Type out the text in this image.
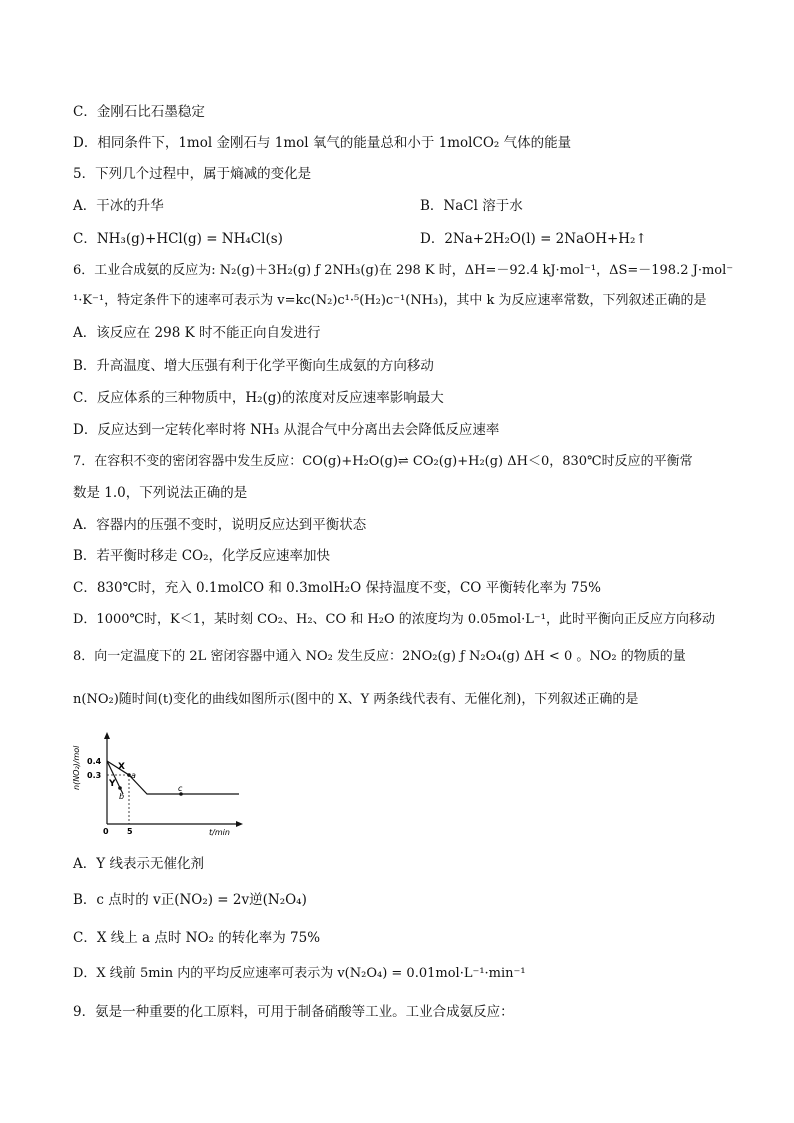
C．金刚石比石墨稳定
D．相同条件下，1mol 金刚石与 1mol 氧气的能量总和小于 1molCO₂ 气体的能量
5．下列几个过程中，属于熵减的变化是
A．干冰的升华	B．NaCl 溶于水
C．NH₃(g)+HCl(g) = NH₄Cl(s)	D．2Na+2H₂O(l) = 2NaOH+H₂↑
6．工业合成氨的反应为: N₂(g)＋3H₂(g) ƒ 2NH₃(g)在 298 K 时，ΔH=－92.4 kJ·mol⁻¹，ΔS=－198.2 J·mol⁻
¹·K⁻¹，特定条件下的速率可表示为 v=kc(N₂)c¹·⁵(H₂)c⁻¹(NH₃)，其中 k 为反应速率常数，下列叙述正确的是
A．该反应在 298 K 时不能正向自发进行
B．升高温度、增大压强有利于化学平衡向生成氨的方向移动
C．反应体系的三种物质中，H₂(g)的浓度对反应速率影响最大
D．反应达到一定转化率时将 NH₃ 从混合气中分离出去会降低反应速率
7．在容积不变的密闭容器中发生反应：CO(g)+H₂O(g)⇌ CO₂(g)+H₂(g) ΔH＜0，830℃时反应的平衡常
数是 1.0，下列说法正确的是
A．容器内的压强不变时，说明反应达到平衡状态
B．若平衡时移走 CO₂，化学反应速率加快
C．830℃时，充入 0.1molCO 和 0.3molH₂O 保持温度不变，CO 平衡转化率为 75%
D．1000℃时，K＜1，某时刻 CO₂、H₂、CO 和 H₂O 的浓度均为 0.05mol·L⁻¹，此时平衡向正反应方向移动
8．向一定温度下的 2L 密闭容器中通入 NO₂ 发生反应：2NO₂(g) ƒ N₂O₄(g) ΔH < 0 。NO₂ 的物质的量
n(NO₂)随时间(t)变化的曲线如图所示(图中的 X、Y 两条线代表有、无催化剂)，下列叙述正确的是
n(NO₂)/mol
t/min
0.4
0.3
0 5
X
Y
a
b
c
A．Y 线表示无催化剂
B．c 点时的 v正(NO₂) = 2v逆(N₂O₄)
C．X 线上 a 点时 NO₂ 的转化率为 75%
D．X 线前 5min 内的平均反应速率可表示为 v(N₂O₄) = 0.01mol·L⁻¹·min⁻¹
9．氨是一种重要的化工原料，可用于制备硝酸等工业。工业合成氨反应：
